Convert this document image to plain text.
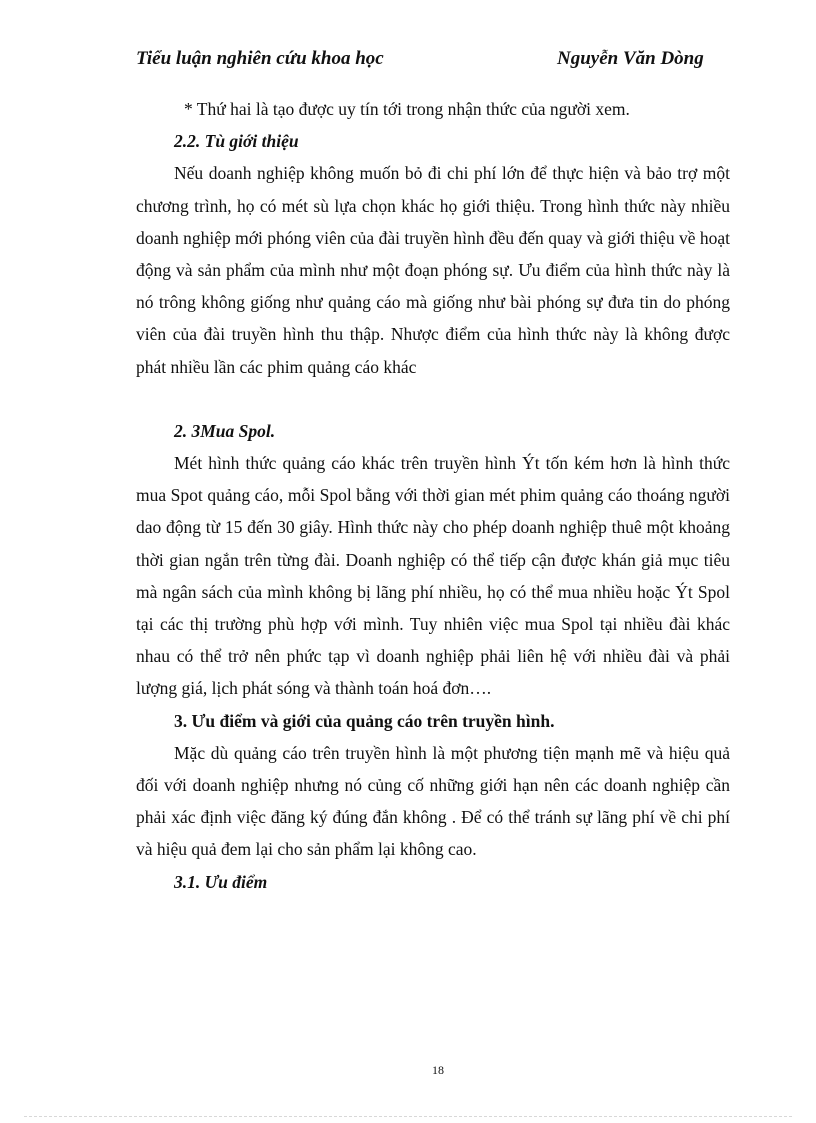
Tiểu luận nghiên cứu khoa học	Nguyễn Văn Dòng

* Thứ hai là tạo được uy tín tới trong nhận thức của người xem.

2.2. Tù giới thiệu

Nếu doanh nghiệp không muốn bỏ đi chi phí lớn để thực hiện và bảo trợ một chương trình, họ có mét sù lựa chọn khác họ giới thiệu. Trong hình thức này nhiều doanh nghiệp mới phóng viên của đài truyền hình đều đến quay và giới thiệu về hoạt động và sản phẩm của mình như một đoạn phóng sự. Ưu điểm của hình thức này là nó trông không giống như quảng cáo mà giống như bài phóng sự đưa tin do phóng viên của đài truyền hình thu thập. Nhược điểm của hình thức này là không được phát nhiều lần các phim quảng cáo khác

2. 3Mua Spol.

Mét hình thức quảng cáo khác trên truyền hình Ýt tốn kém hơn là hình thức mua Spot quảng cáo, mỗi Spol bằng với thời gian mét phim quảng cáo thoáng người dao động từ 15 đến 30 giây. Hình thức này cho phép doanh nghiệp thuê một khoảng thời gian ngắn trên từng đài. Doanh nghiệp có thể tiếp cận được khán giả mục tiêu mà ngân sách của mình không bị lãng phí nhiều, họ có thể mua nhiều hoặc Ýt Spol tại các thị trường phù hợp với mình. Tuy nhiên việc mua Spol tại nhiều đài khác nhau có thể trở nên phức tạp vì doanh nghiệp phải liên hệ với nhiều đài và phải lượng giá, lịch phát sóng và thành toán hoá đơn….

3. Ưu điểm và giới của quảng cáo trên truyền hình.

Mặc dù quảng cáo trên truyền hình là một phương tiện mạnh mẽ và hiệu quả đối với doanh nghiệp nhưng nó củng cố những giới hạn nên các doanh nghiệp cần phải xác định việc đăng ký đúng đắn không . Để có thể tránh sự lãng phí về chi phí và hiệu quả đem lại cho sản phẩm lại không cao.

3.1. Ưu điểm

18
